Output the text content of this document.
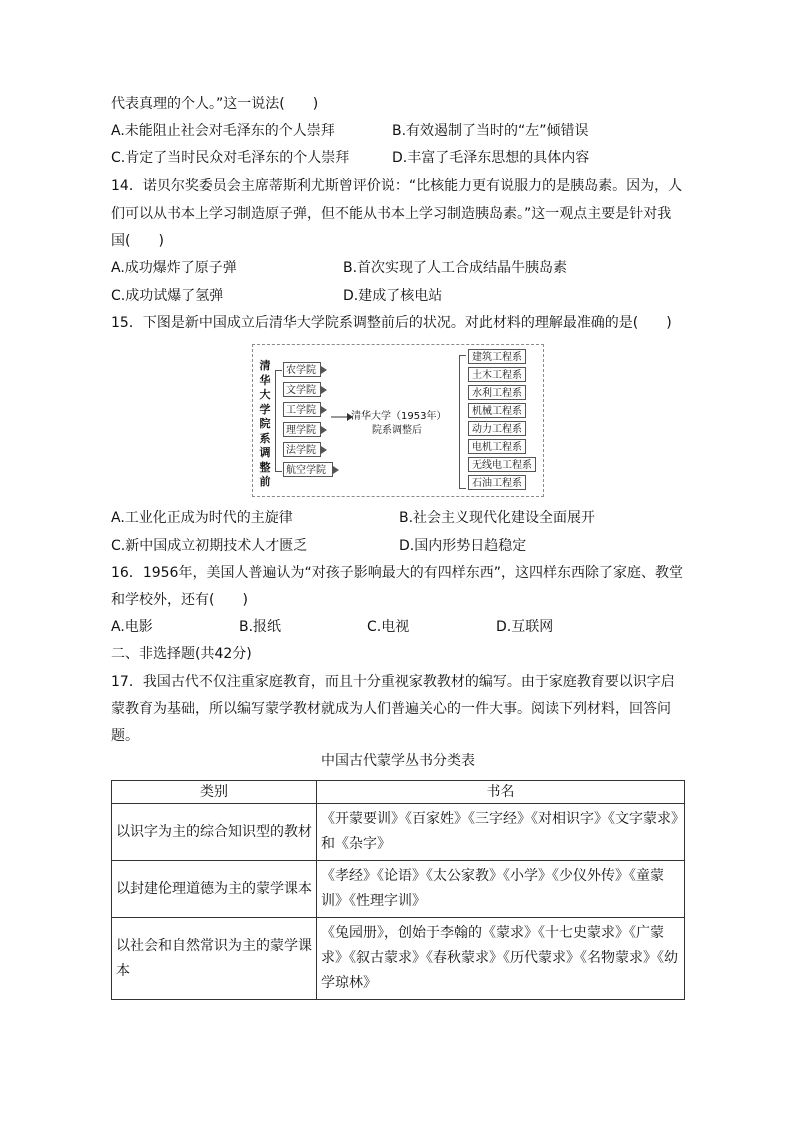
代表真理的个人。”这一说法(　　)
A.未能阻止社会对毛泽东的个人崇拜	B.有效遏制了当时的“左”倾错误
C.肯定了当时民众对毛泽东的个人崇拜	D.丰富了毛泽东思想的具体内容
14．诺贝尔奖委员会主席蒂斯利尤斯曾评价说：“比核能力更有说服力的是胰岛素。因为，人
们可以从书本上学习制造原子弹，但不能从书本上学习制造胰岛素。”这一观点主要是针对我
国(　　)
A.成功爆炸了原子弹	B.首次实现了人工合成结晶牛胰岛素
C.成功试爆了氢弹	D.建成了核电站
15．下图是新中国成立后清华大学院系调整前后的状况。对此材料的理解最准确的是(　　)
清华大学院系调整前
农学院
文学院
工学院
理学院
法学院
航空学院
清华大学（1953年）
院系调整后
建筑工程系
土木工程系
水利工程系
机械工程系
动力工程系
电机工程系
无线电工程系
石油工程系
A.工业化正成为时代的主旋律	B.社会主义现代化建设全面展开
C.新中国成立初期技术人才匮乏	D.国内形势日趋稳定
16．1956年，美国人普遍认为“对孩子影响最大的有四样东西”，这四样东西除了家庭、教堂
和学校外，还有(　　)
A.电影	B.报纸	C.电视	D.互联网
二、非选择题(共42分)
17．我国古代不仅注重家庭教育，而且十分重视家教教材的编写。由于家庭教育要以识字启
蒙教育为基础，所以编写蒙学教材就成为人们普遍关心的一件大事。阅读下列材料，回答问
题。
中国古代蒙学丛书分类表
类别	书名
以识字为主的综合知识型的教材	《开蒙要训》《百家姓》《三字经》《对相识字》《文字蒙求》和《杂字》
以封建伦理道德为主的蒙学课本	《孝经》《论语》《太公家教》《小学》《少仪外传》《童蒙训》《性理字训》
以社会和自然常识为主的蒙学课本	《兔园册》，创始于李翰的《蒙求》《十七史蒙求》《广蒙求》《叙古蒙求》《春秋蒙求》《历代蒙求》《名物蒙求》《幼学琼林》
